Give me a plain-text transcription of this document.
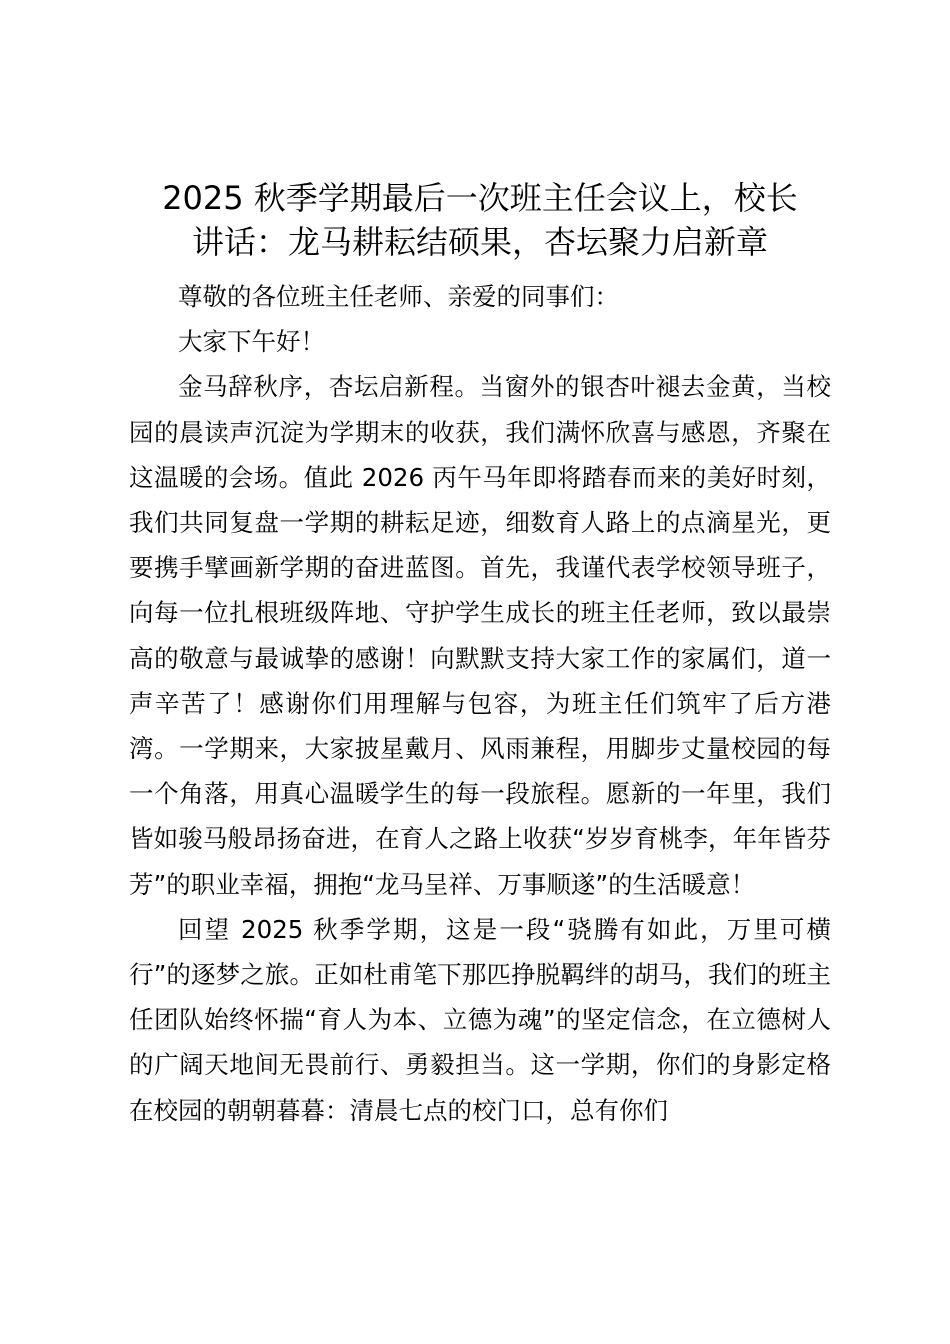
2025 秋季学期最后一次班主任会议上，校长
讲话：龙马耕耘结硕果，杏坛聚力启新章

尊敬的各位班主任老师、亲爱的同事们：

大家下午好！

金马辞秋序，杏坛启新程。当窗外的银杏叶褪去金黄，当校园的晨读声沉淀为学期末的收获，我们满怀欣喜与感恩，齐聚在这温暖的会场。值此 2026 丙午马年即将踏春而来的美好时刻，我们共同复盘一学期的耕耘足迹，细数育人路上的点滴星光，更要携手擘画新学期的奋进蓝图。首先，我谨代表学校领导班子，向每一位扎根班级阵地、守护学生成长的班主任老师，致以最崇高的敬意与最诚挚的感谢！向默默支持大家工作的家属们，道一声辛苦了！感谢你们用理解与包容，为班主任们筑牢了后方港湾。一学期来，大家披星戴月、风雨兼程，用脚步丈量校园的每一个角落，用真心温暖学生的每一段旅程。愿新的一年里，我们皆如骏马般昂扬奋进，在育人之路上收获“岁岁育桃李，年年皆芬芳”的职业幸福，拥抱“龙马呈祥、万事顺遂”的生活暖意！

回望 2025 秋季学期，这是一段“骁腾有如此，万里可横行”的逐梦之旅。正如杜甫笔下那匹挣脱羁绊的胡马，我们的班主任团队始终怀揣“育人为本、立德为魂”的坚定信念，在立德树人的广阔天地间无畏前行、勇毅担当。这一学期，你们的身影定格在校园的朝朝暮暮：清晨七点的校门口，总有你们
